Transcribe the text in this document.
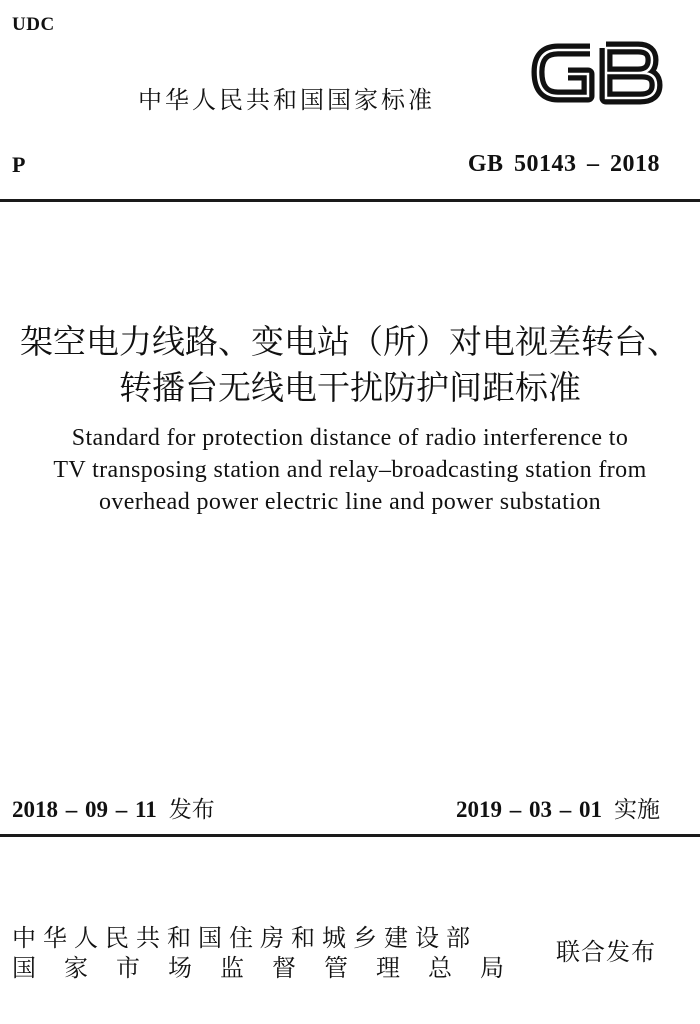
UDC
中华人民共和国国家标准
P	GB 50143 – 2018
架空电力线路、变电站（所）对电视差转台、
转播台无线电干扰防护间距标准
Standard for protection distance of radio interference to
TV transposing station and relay–broadcasting station from
overhead power electric line and power substation
2018 – 09 – 11 发布	2019 – 03 – 01 实施
中华人民共和国住房和城乡建设部
国家市场监督管理总局
联合发布
